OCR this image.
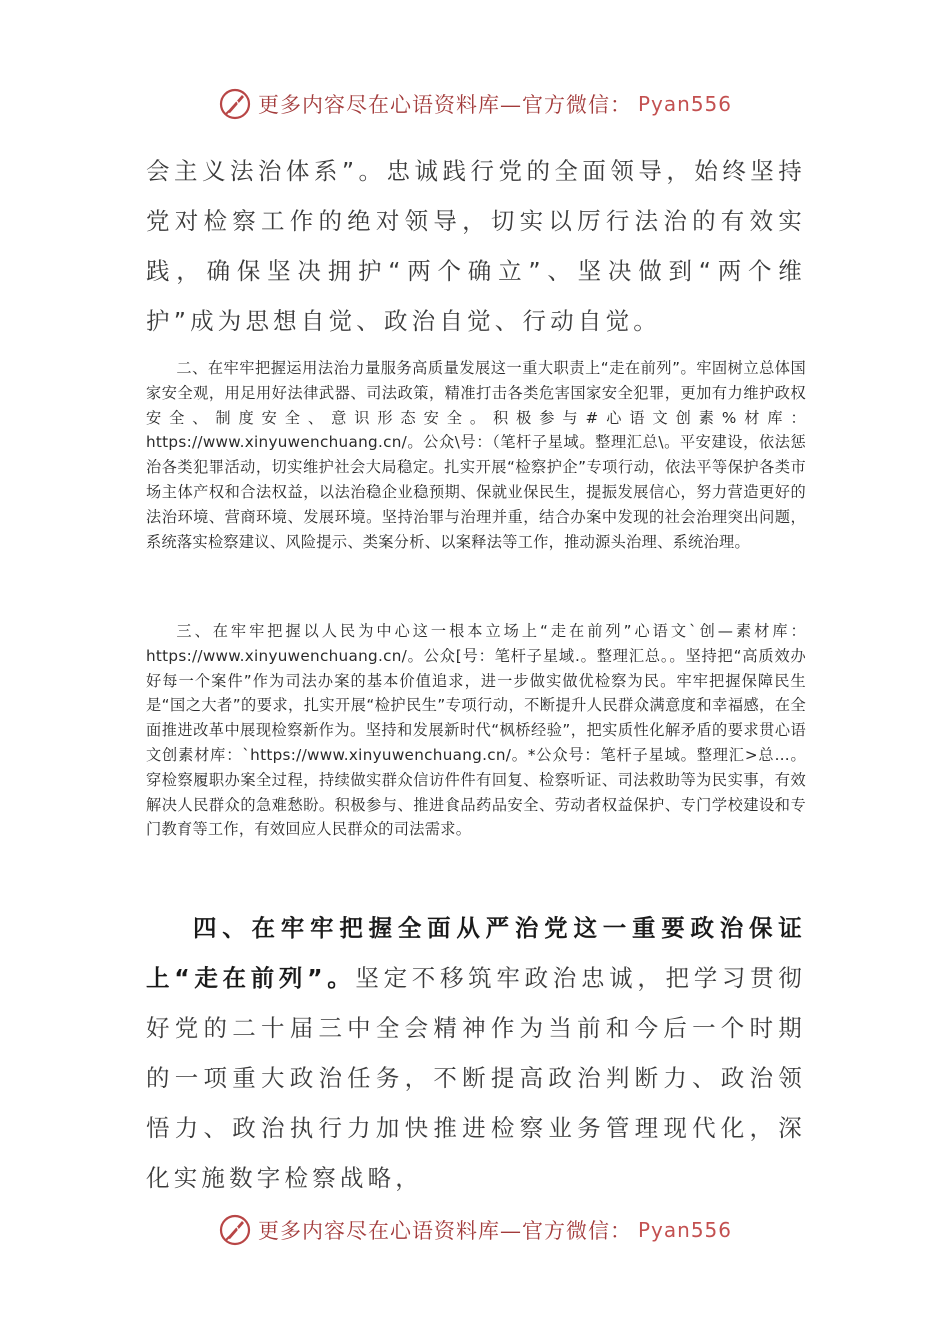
更多内容尽在心语资料库—官方微信： Pyan556

会主义法治体系”。忠诚践行党的全面领导，始终坚持党对检察工作的绝对领导，切实以厉行法治的有效实践，确保坚决拥护“两个确立”、坚决做到“两个维护”成为思想自觉、政治自觉、行动自觉。

二、在牢牢把握运用法治力量服务高质量发展这一重大职责上“走在前列”。牢固树立总体国家安全观，用足用好法律武器、司法政策，精准打击各类危害国家安全犯罪，更加有力维护政权安全、制度安全、意识形态安全。积极参与#心语文创素%材库：https://www.xinyuwenchuang.cn/。公众\号：（笔杆子星域。整理汇总\。平安建设，依法惩治各类犯罪活动，切实维护社会大局稳定。扎实开展“检察护企”专项行动，依法平等保护各类市场主体产权和合法权益，以法治稳企业稳预期、保就业保民生，提振发展信心，努力营造更好的法治环境、营商环境、发展环境。坚持治罪与治理并重，结合办案中发现的社会治理突出问题，系统落实检察建议、风险提示、类案分析、以案释法等工作，推动源头治理、系统治理。

三、在牢牢把握以人民为中心这一根本立场上“走在前列”心语文`创—素材库：https://www.xinyuwenchuang.cn/。公众[号：笔杆子星域.。整理汇总。。坚持把“高质效办好每一个案件”作为司法办案的基本价值追求，进一步做实做优检察为民。牢牢把握保障民生是“国之大者”的要求，扎实开展“检护民生”专项行动，不断提升人民群众满意度和幸福感，在全面推进改革中展现检察新作为。坚持和发展新时代“枫桥经验”，把实质性化解矛盾的要求贯心语文创素材库：`https://www.xinyuwenchuang.cn/。*公众号：笔杆子星域。整理汇>总…。穿检察履职办案全过程，持续做实群众信访件件有回复、检察听证、司法救助等为民实事，有效解决人民群众的急难愁盼。积极参与、推进食品药品安全、劳动者权益保护、专门学校建设和专门教育等工作，有效回应人民群众的司法需求。

四、在牢牢把握全面从严治党这一重要政治保证上“走在前列”。坚定不移筑牢政治忠诚，把学习贯彻好党的二十届三中全会精神作为当前和今后一个时期的一项重大政治任务，不断提高政治判断力、政治领悟力、政治执行力加快推进检察业务管理现代化，深化实施数字检察战略，

更多内容尽在心语资料库—官方微信： Pyan556
